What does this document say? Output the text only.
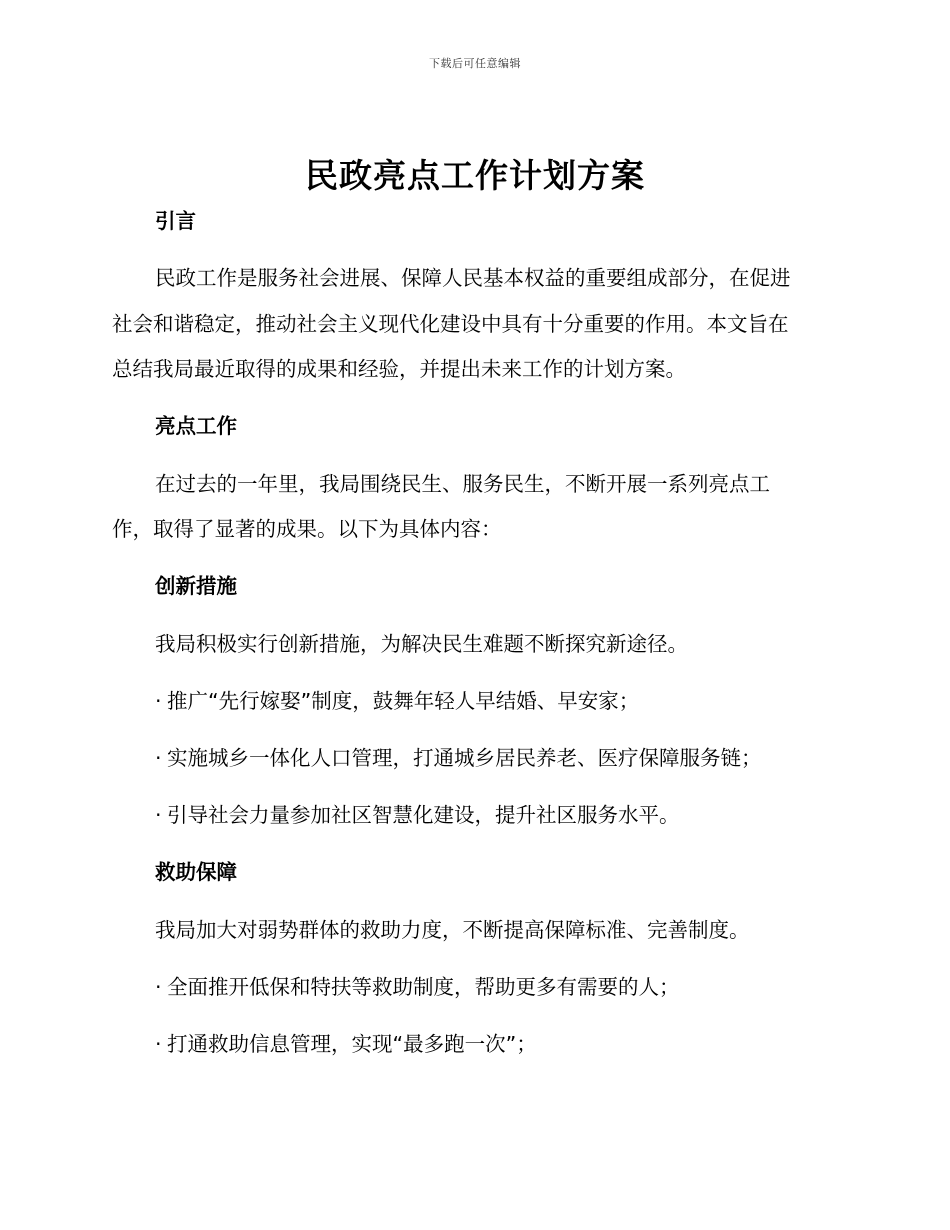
下载后可任意编辑
民政亮点工作计划方案
引言
民政工作是服务社会进展、保障人民基本权益的重要组成部分，在促进
社会和谐稳定，推动社会主义现代化建设中具有十分重要的作用。本文旨在
总结我局最近取得的成果和经验，并提出未来工作的计划方案。
亮点工作
在过去的一年里，我局围绕民生、服务民生，不断开展一系列亮点工
作，取得了显著的成果。以下为具体内容：
创新措施
我局积极实行创新措施，为解决民生难题不断探究新途径。
· 推广“先行嫁娶”制度，鼓舞年轻人早结婚、早安家；
· 实施城乡一体化人口管理，打通城乡居民养老、医疗保障服务链；
· 引导社会力量参加社区智慧化建设，提升社区服务水平。
救助保障
我局加大对弱势群体的救助力度，不断提高保障标准、完善制度。
· 全面推开低保和特扶等救助制度，帮助更多有需要的人；
· 打通救助信息管理，实现“最多跑一次”；
